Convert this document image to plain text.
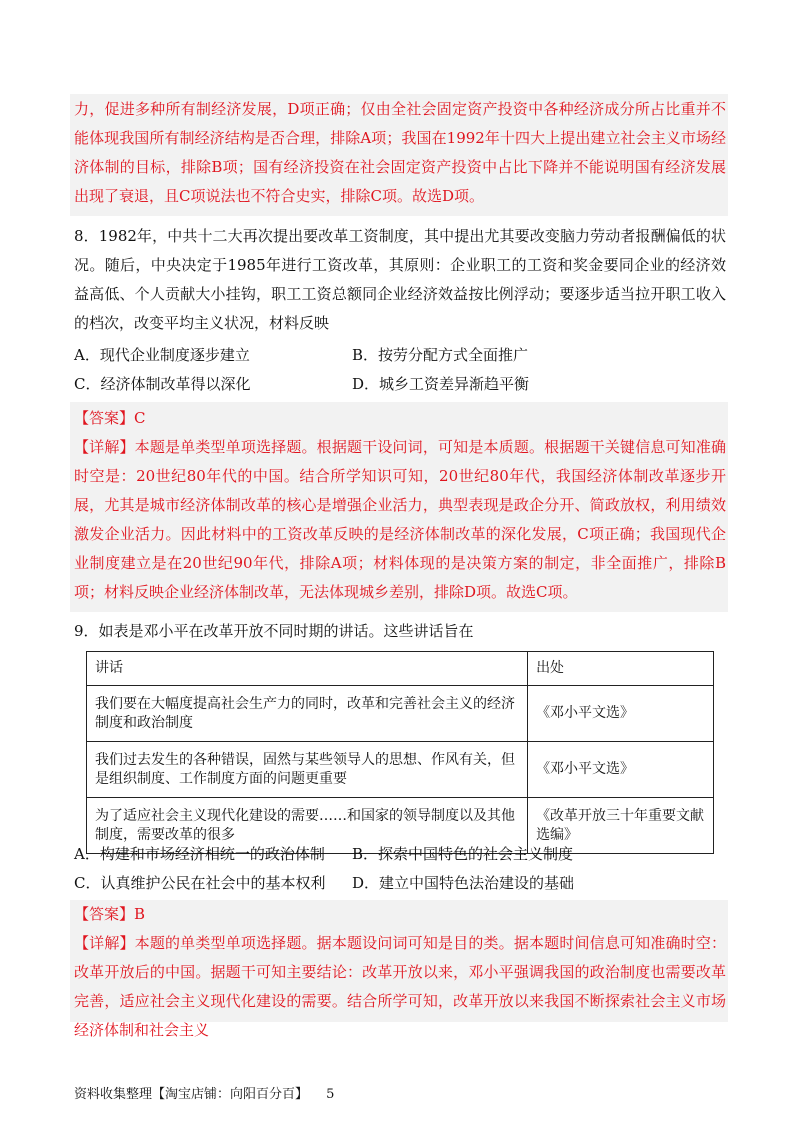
力，促进多种所有制经济发展，D项正确；仅由全社会固定资产投资中各种经济成分所占比重并不能体现我国所有制经济结构是否合理，排除A项；我国在1992年十四大上提出建立社会主义市场经济体制的目标，排除B项；国有经济投资在社会固定资产投资中占比下降并不能说明国有经济发展出现了衰退，且C项说法也不符合史实，排除C项。故选D项。

8．1982年，中共十二大再次提出要改革工资制度，其中提出尤其要改变脑力劳动者报酬偏低的状况。随后，中央决定于1985年进行工资改革，其原则：企业职工的工资和奖金要同企业的经济效益高低、个人贡献大小挂钩，职工工资总额同企业经济效益按比例浮动；要逐步适当拉开职工收入的档次，改变平均主义状况，材料反映

A．现代企业制度逐步建立	B．按劳分配方式全面推广
C．经济体制改革得以深化	D．城乡工资差异渐趋平衡

【答案】C

【详解】本题是单类型单项选择题。根据题干设问词，可知是本质题。根据题干关键信息可知准确时空是：20世纪80年代的中国。结合所学知识可知，20世纪80年代，我国经济体制改革逐步开展，尤其是城市经济体制改革的核心是增强企业活力，典型表现是政企分开、简政放权，利用绩效激发企业活力。因此材料中的工资改革反映的是经济体制改革的深化发展，C项正确；我国现代企业制度建立是在20世纪90年代，排除A项；材料体现的是决策方案的制定，非全面推广，排除B项；材料反映企业经济体制改革，无法体现城乡差别，排除D项。故选C项。

9．如表是邓小平在改革开放不同时期的讲话。这些讲话旨在

讲话	出处
我们要在大幅度提高社会生产力的同时，改革和完善社会主义的经济制度和政治制度	《邓小平文选》
我们过去发生的各种错误，固然与某些领导人的思想、作风有关，但是组织制度、工作制度方面的问题更重要	《邓小平文选》
为了适应社会主义现代化建设的需要……和国家的领导制度以及其他制度，需要改革的很多	《改革开放三十年重要文献选编》
A．构建和市场经济相统一的政治体制 B．探索中国特色的社会主义制度
C．认真维护公民在社会中的基本权利 D．建立中国特色法治建设的基础

【答案】B

【详解】本题的单类型单项选择题。据本题设问词可知是目的类。据本题时间信息可知准确时空：改革开放后的中国。据题干可知主要结论：改革开放以来，邓小平强调我国的政治制度也需要改革完善，适应社会主义现代化建设的需要。结合所学可知，改革开放以来我国不断探索社会主义市场经济体制和社会主义

资料收集整理【淘宝店铺：向阳百分百】 5
